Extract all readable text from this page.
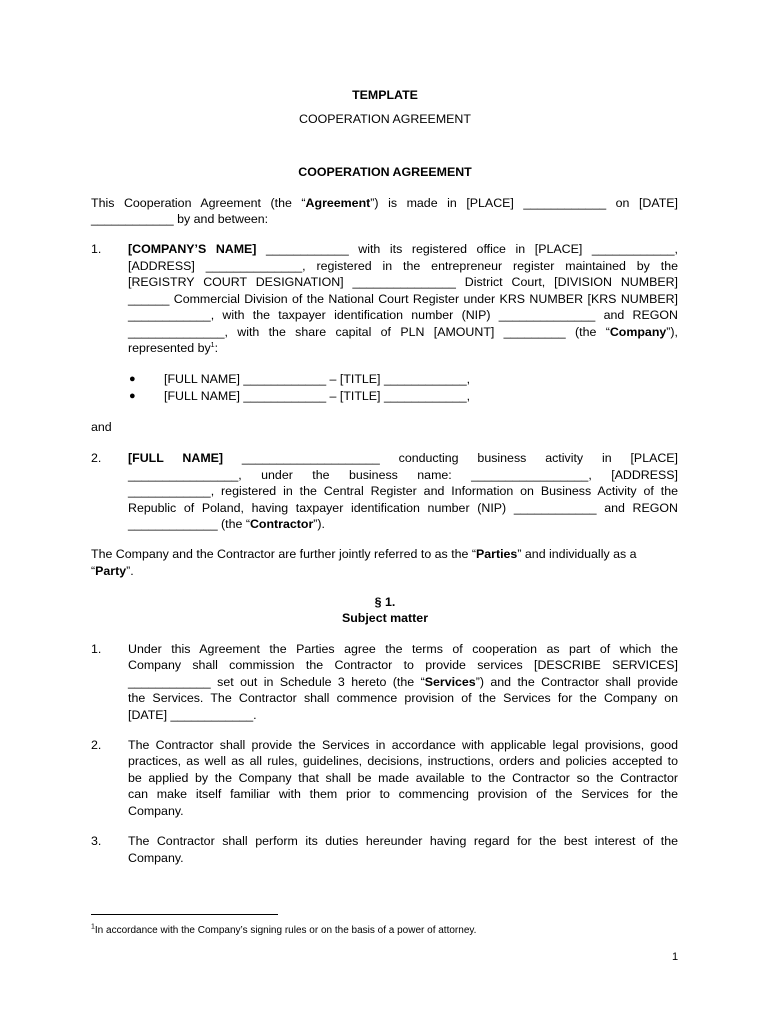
TEMPLATE
COOPERATION AGREEMENT
COOPERATION AGREEMENT
This Cooperation Agreement (the “Agreement”) is made in [PLACE] ____________ on [DATE]
____________ by and between:
1. [COMPANY’S NAME] ____________ with its registered office in [PLACE] ____________,
[ADDRESS] ______________, registered in the entrepreneur register maintained by the
[REGISTRY COURT DESIGNATION] _______________ District Court, [DIVISION NUMBER]
______ Commercial Division of the National Court Register under KRS NUMBER [KRS NUMBER]
____________, with the taxpayer identification number (NIP) ______________ and REGON
______________, with the share capital of PLN [AMOUNT] _________ (the “Company”),
represented $by^1$:
● [FULL NAME] ____________ – [TITLE] ____________,
● [FULL NAME] ____________ – [TITLE] ____________,
and
2. [FULL NAME] ____________________ conducting business activity in [PLACE]
________________, under the business name: _________________, [ADDRESS]
____________, registered in the Central Register and Information on Business Activity of the
Republic of Poland, having taxpayer identification number (NIP) ____________ and REGON
_____________ (the “Contractor”).
The Company and the Contractor are further jointly referred to as the “Parties” and individually as a
“Party”.
§ 1.
Subject matter
1. Under this Agreement the Parties agree the terms of cooperation as part of which the
Company shall commission the Contractor to provide services [DESCRIBE SERVICES]
____________ set out in Schedule 3 hereto (the “Services”) and the Contractor shall provide
the Services. The Contractor shall commence provision of the Services for the Company on
[DATE] ____________.
2. The Contractor shall provide the Services in accordance with applicable legal provisions, good
practices, as well as all rules, guidelines, decisions, instructions, orders and policies accepted to
be applied by the Company that shall be made available to the Contractor so the Contractor
can make itself familiar with them prior to commencing provision of the Services for the
Company.
3. The Contractor shall perform its duties hereunder having regard for the best interest of the
Company.
$^1$In accordance with the Company’s signing rules or on the basis of a power of attorney.
1
